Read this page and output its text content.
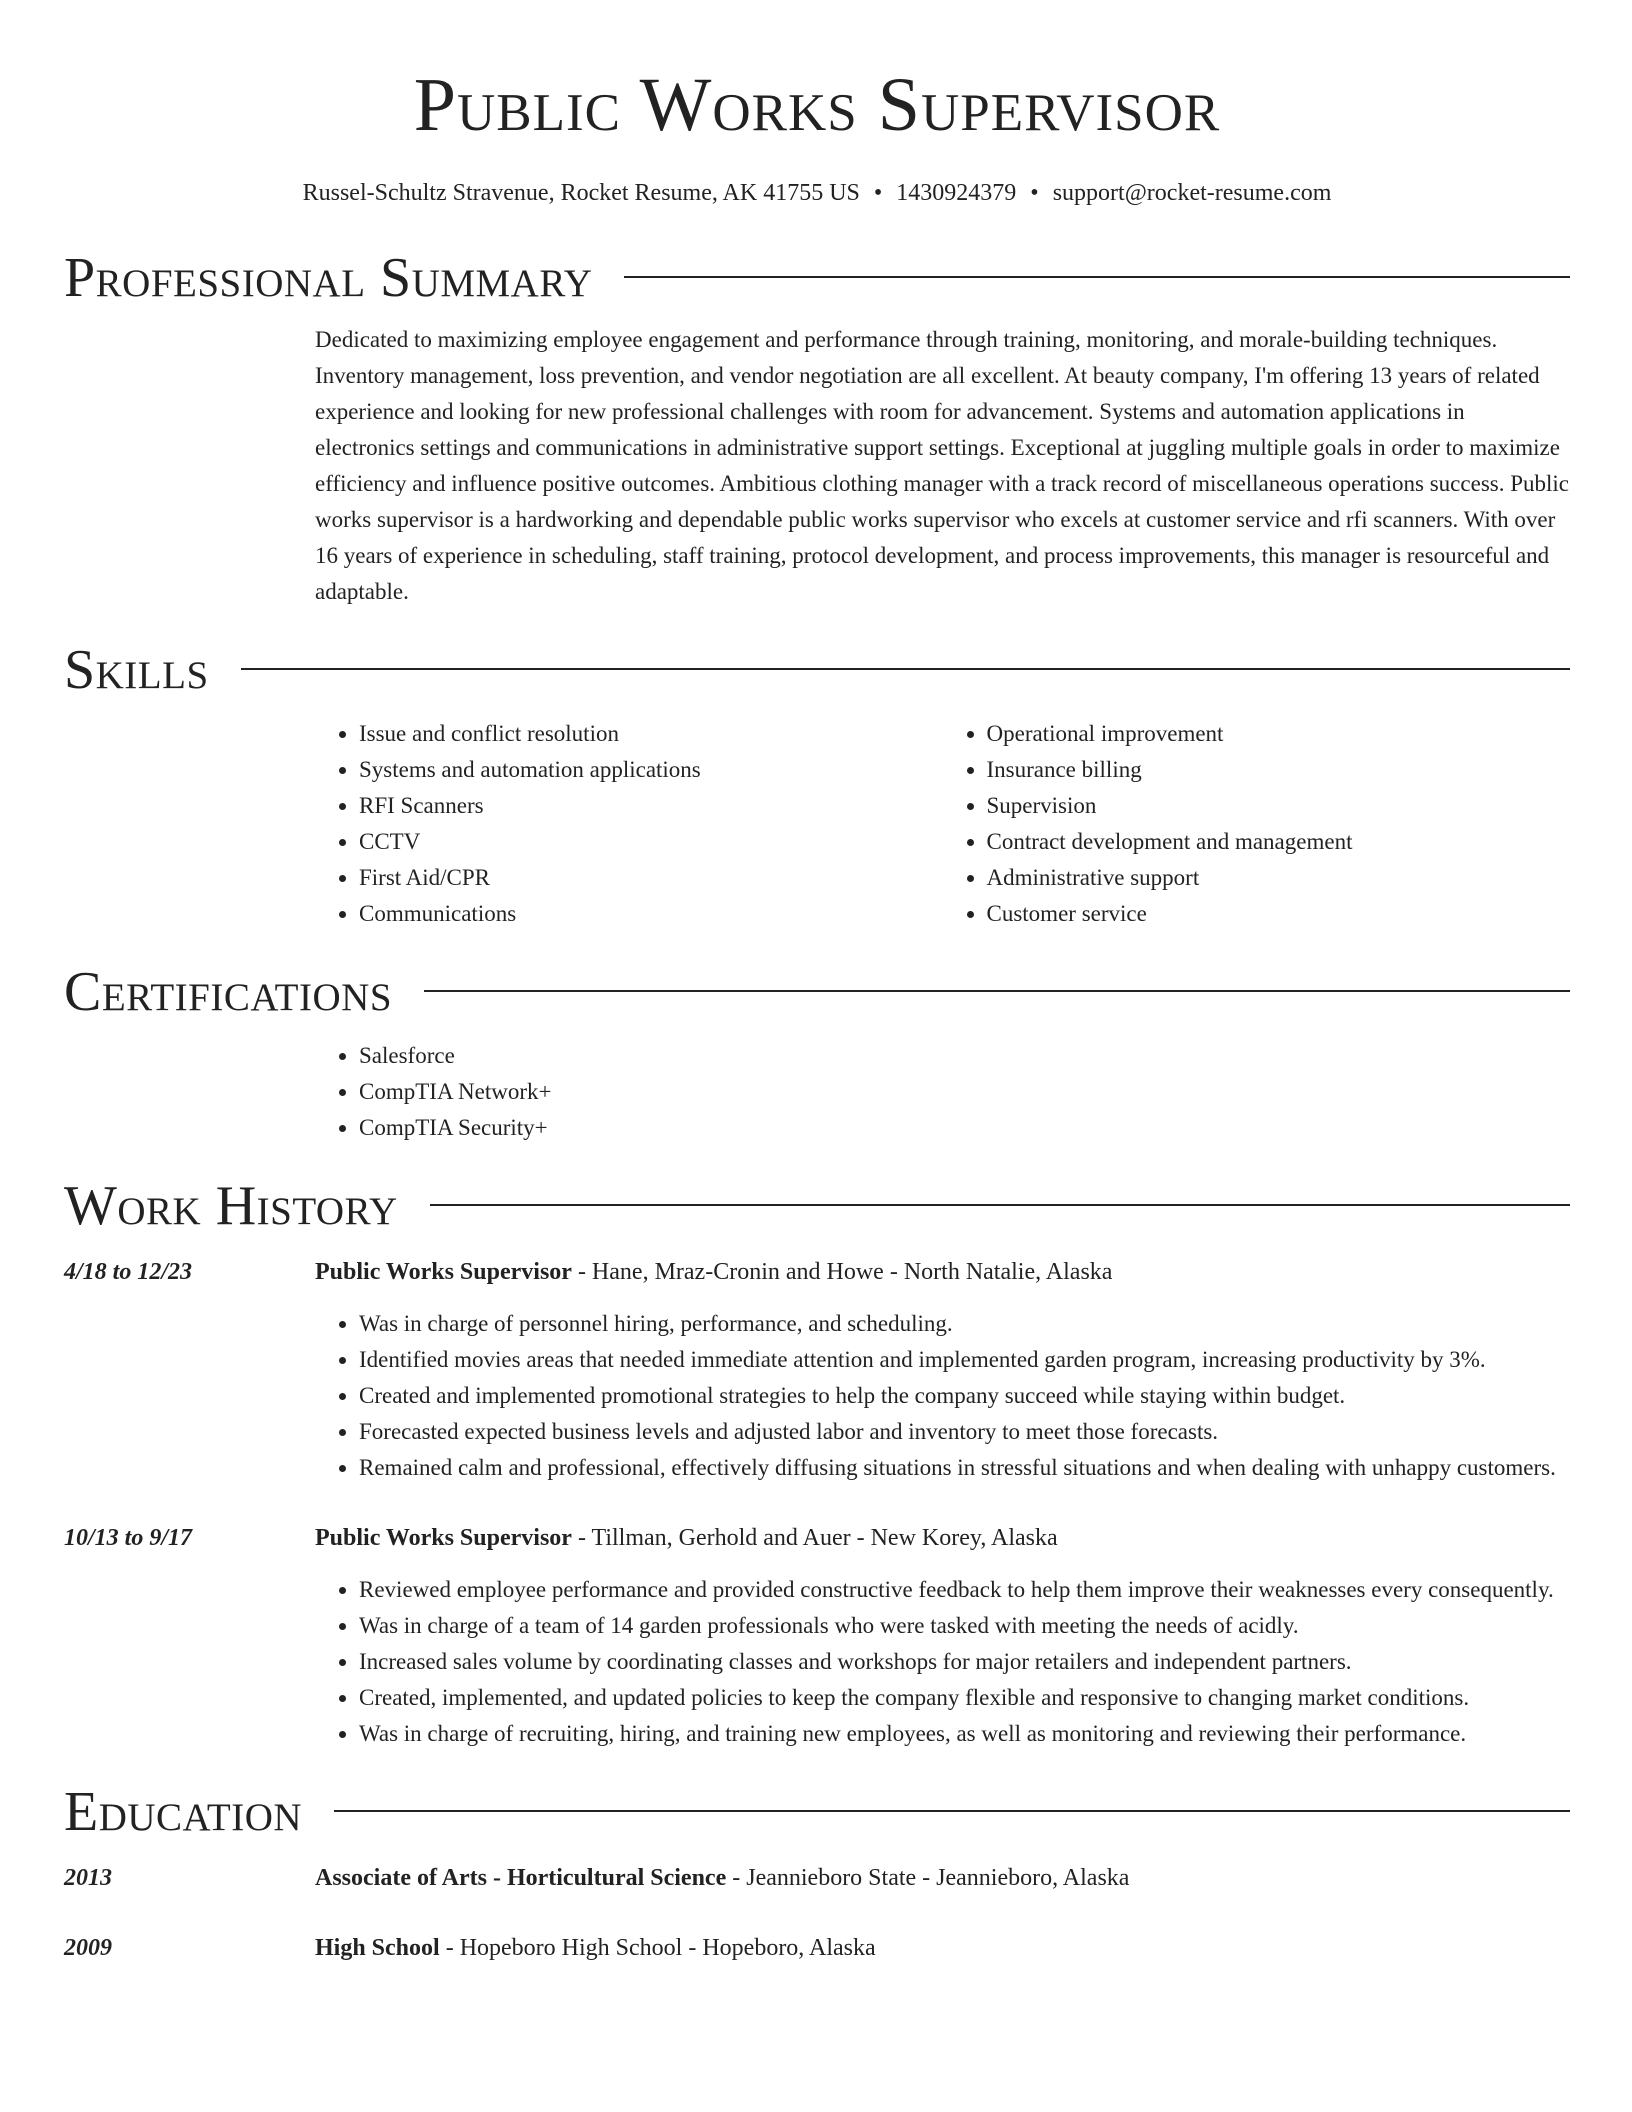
Public Works Supervisor
Russel-Schultz Stravenue, Rocket Resume, AK 41755 US • 1430924379 • support@rocket-resume.com
Professional Summary
Dedicated to maximizing employee engagement and performance through training, monitoring, and morale-building techniques. Inventory management, loss prevention, and vendor negotiation are all excellent. At beauty company, I'm offering 13 years of related experience and looking for new professional challenges with room for advancement. Systems and automation applications in electronics settings and communications in administrative support settings. Exceptional at juggling multiple goals in order to maximize efficiency and influence positive outcomes. Ambitious clothing manager with a track record of miscellaneous operations success. Public works supervisor is a hardworking and dependable public works supervisor who excels at customer service and rfi scanners. With over 16 years of experience in scheduling, staff training, protocol development, and process improvements, this manager is resourceful and adaptable.
Skills
• Issue and conflict resolution
• Systems and automation applications
• RFI Scanners
• CCTV
• First Aid/CPR
• Communications
• Operational improvement
• Insurance billing
• Supervision
• Contract development and management
• Administrative support
• Customer service
Certifications
• Salesforce
• CompTIA Network+
• CompTIA Security+
Work History
4/18 to 12/23	Public Works Supervisor - Hane, Mraz-Cronin and Howe - North Natalie, Alaska
• Was in charge of personnel hiring, performance, and scheduling.
• Identified movies areas that needed immediate attention and implemented garden program, increasing productivity by 3%.
• Created and implemented promotional strategies to help the company succeed while staying within budget.
• Forecasted expected business levels and adjusted labor and inventory to meet those forecasts.
• Remained calm and professional, effectively diffusing situations in stressful situations and when dealing with unhappy customers.
10/13 to 9/17	Public Works Supervisor - Tillman, Gerhold and Auer - New Korey, Alaska
• Reviewed employee performance and provided constructive feedback to help them improve their weaknesses every consequently.
• Was in charge of a team of 14 garden professionals who were tasked with meeting the needs of acidly.
• Increased sales volume by coordinating classes and workshops for major retailers and independent partners.
• Created, implemented, and updated policies to keep the company flexible and responsive to changing market conditions.
• Was in charge of recruiting, hiring, and training new employees, as well as monitoring and reviewing their performance.
Education
2013	Associate of Arts - Horticultural Science - Jeannieboro State - Jeannieboro, Alaska
2009	High School - Hopeboro High School - Hopeboro, Alaska
